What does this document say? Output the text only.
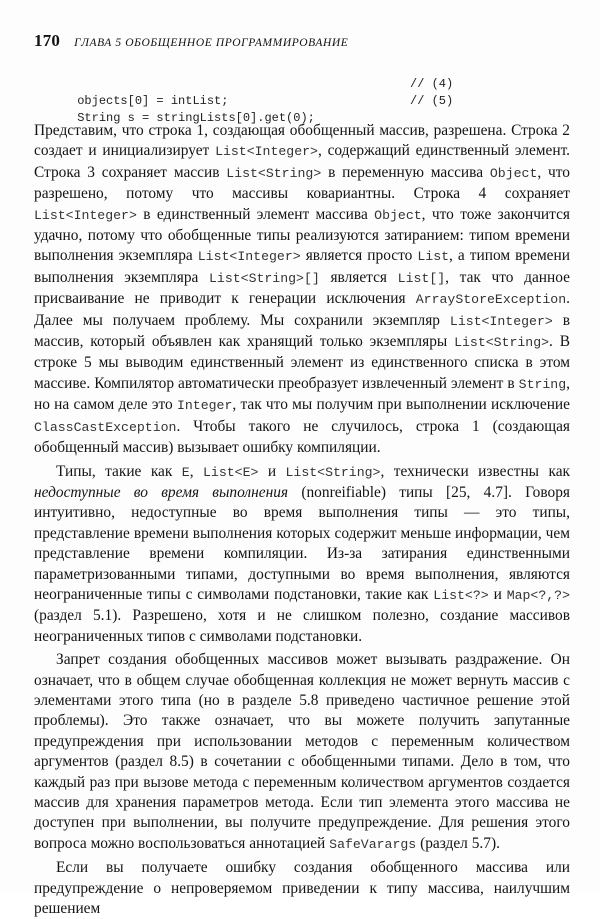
170 ГЛАВА 5 ОБОБЩЕННОЕ ПРОГРАММИРОВАНИЕ

objects[0] = intList;

// (4)

String s = stringLists[0].get(0);

// (5)

Представим, что строка 1, создающая обобщенный массив, разрешена. Строка 2 создает и инициализирует List<Integer>, содержащий единственный элемент. Строка 3 сохраняет массив List<String> в переменную массива Object, что разрешено, потому что массивы ковариантны. Строка 4 сохраняет List<Integer> в единственный элемент массива Object, что тоже закончится удачно, потому что обобщенные типы реализуются затиранием: типом времени выполнения экземпляра List<Integer> является просто List, а типом времени выполнения экземпляра List<String>[] является List[], так что данное присваивание не приводит к генерации исключения ArrayStoreException. Далее мы получаем проблему. Мы сохранили экземпляр List<Integer> в массив, который объявлен как хранящий только экземпляры List<String>. В строке 5 мы выводим единственный элемент из единственного списка в этом массиве. Компилятор автоматически преобразует извлеченный элемент в String, но на самом деле это Integer, так что мы получим при выполнении исключение ClassCastException. Чтобы такого не случилось, строка 1 (создающая обобщенный массив) вызывает ошибку компиляции.

Типы, такие как E, List<E> и List<String>, технически известны как недоступные во время выполнения (nonreifiable) типы [25, 4.7]. Говоря интуитивно, недоступные во время выполнения типы — это типы, представление времени выполнения которых содержит меньше информации, чем представление времени компиляции. Из-за затирания единственными параметризованными типами, доступными во время выполнения, являются неограниченные типы с символами подстановки, такие как List<?> и Map<?,?> (раздел 5.1). Разрешено, хотя и не слишком полезно, создание массивов неограниченных типов с символами подстановки.

Запрет создания обобщенных массивов может вызывать раздражение. Он означает, что в общем случае обобщенная коллекция не может вернуть массив с элементами этого типа (но в разделе 5.8 приведено частичное решение этой проблемы). Это также означает, что вы можете получить запутанные предупреждения при использовании методов с переменным количеством аргументов (раздел 8.5) в сочетании с обобщенными типами. Дело в том, что каждый раз при вызове метода с переменным количеством аргументов создается массив для хранения параметров метода. Если тип элемента этого массива не доступен при выполнении, вы получите предупреждение. Для решения этого вопроса можно воспользоваться аннотацией SafeVarargs (раздел 5.7).

Если вы получаете ошибку создания обобщенного массива или предупреждение о непроверяемом приведении к типу массива, наилучшим решением
